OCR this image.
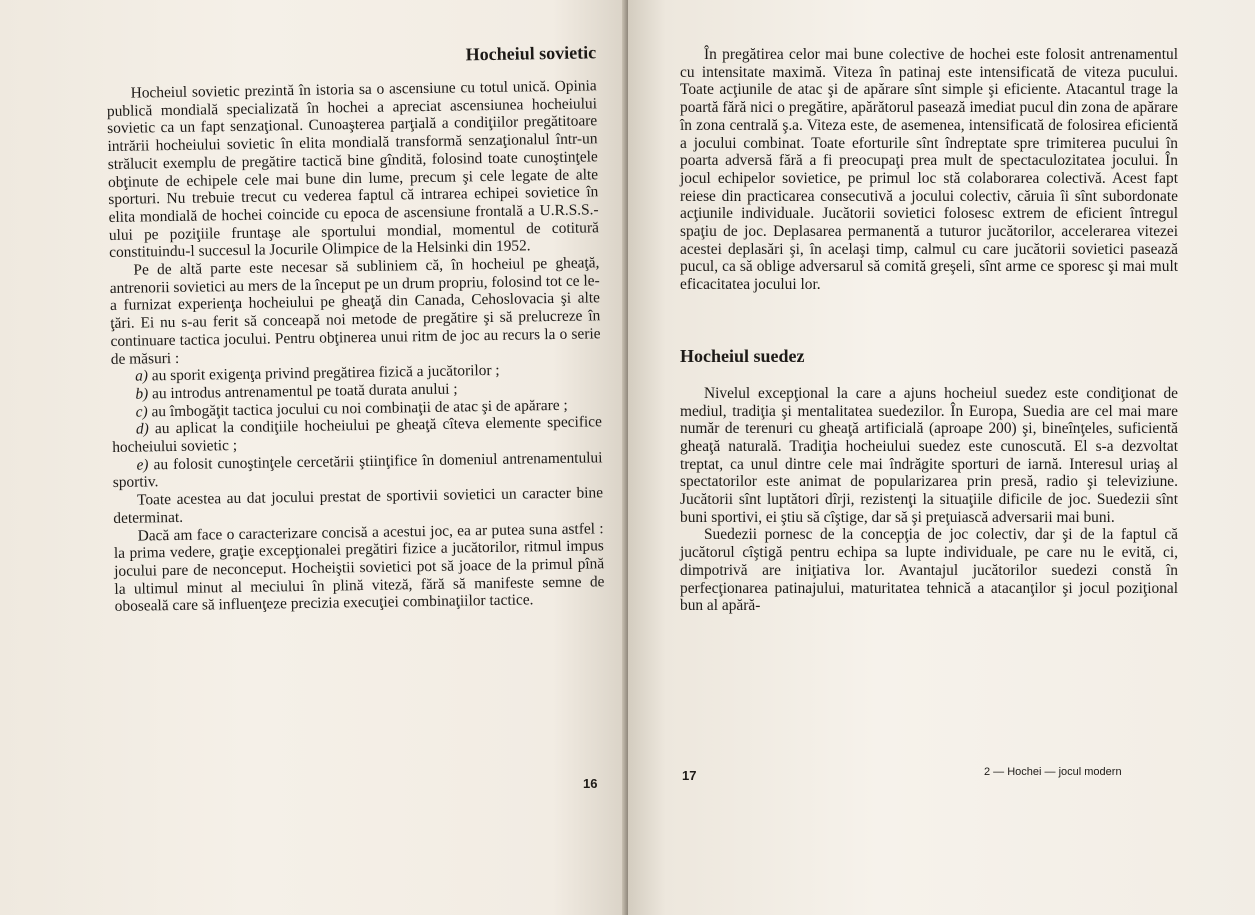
Hocheiul sovietic

Hocheiul sovietic prezintă în istoria sa o ascensiune cu totul unică. Opinia publică mondială specializată în hochei a apreciat ascensiunea hocheiului sovietic ca un fapt senzaţional. Cunoaşterea parţială a condiţiilor pregătitoare intrării hocheiului sovietic în elita mondială transformă senzaţionalul într-un strălucit exemplu de pregătire tactică bine gîndită, folosind toate cunoştinţele obţinute de echipele cele mai bune din lume, precum şi cele legate de alte sporturi. Nu trebuie trecut cu vederea faptul că intrarea echipei sovietice în elita mondială de hochei coincide cu epoca de ascensiune frontală a U.R.S.S.-ului pe poziţiile fruntaşe ale sportului mondial, momentul de cotitură constituindu-l succesul la Jocurile Olimpice de la Helsinki din 1952.

Pe de altă parte este necesar să subliniem că, în hocheiul pe gheaţă, antrenorii sovietici au mers de la început pe un drum propriu, folosind tot ce le-a furnizat experienţa hocheiului pe gheaţă din Canada, Cehoslovacia şi alte ţări. Ei nu s-au ferit să conceapă noi metode de pregătire şi să prelucreze în continuare tactica jocului. Pentru obţinerea unui ritm de joc au recurs la o serie de măsuri :

a) au sporit exigenţa privind pregătirea fizică a jucătorilor ;

b) au introdus antrenamentul pe toată durata anului ;

c) au îmbogăţit tactica jocului cu noi combinaţii de atac şi de apărare ;

d) au aplicat la condiţiile hocheiului pe gheaţă cîteva elemente specifice hocheiului sovietic ;

e) au folosit cunoştinţele cercetării ştiinţifice în domeniul antrenamentului sportiv.

Toate acestea au dat jocului prestat de sportivii sovietici un caracter bine determinat.

Dacă am face o caracterizare concisă a acestui joc, ea ar putea suna astfel : la prima vedere, graţie excepţionalei pregătiri fizice a jucătorilor, ritmul impus jocului pare de neconceput. Hocheiştii sovietici pot să joace de la primul pînă la ultimul minut al meciului în plină viteză, fără să manifeste semne de oboseală care să influenţeze precizia execuţiei combinaţiilor tactice.

16

În pregătirea celor mai bune colective de hochei este folosit antrenamentul cu intensitate maximă. Viteza în patinaj este intensificată de viteza pucului. Toate acţiunile de atac şi de apărare sînt simple şi eficiente. Atacantul trage la poartă fără nici o pregătire, apărătorul pasează imediat pucul din zona de apărare în zona centrală ş.a. Viteza este, de asemenea, intensificată de folosirea eficientă a jocului combinat. Toate eforturile sînt îndreptate spre trimiterea pucului în poarta adversă fără a fi preocupaţi prea mult de spectaculozitatea jocului. În jocul echipelor sovietice, pe primul loc stă colaborarea colectivă. Acest fapt reiese din practicarea consecutivă a jocului colectiv, căruia îi sînt subordonate acţiunile individuale. Jucătorii sovietici folosesc extrem de eficient întregul spaţiu de joc. Deplasarea permanentă a tuturor jucătorilor, accelerarea vitezei acestei deplasări şi, în acelaşi timp, calmul cu care jucătorii sovietici pasează pucul, ca să oblige adversarul să comită greşeli, sînt arme ce sporesc şi mai mult eficacitatea jocului lor.

Hocheiul suedez

Nivelul excepţional la care a ajuns hocheiul suedez este condiţionat de mediul, tradiţia şi mentalitatea suedezilor. În Europa, Suedia are cel mai mare număr de terenuri cu gheaţă artificială (aproape 200) şi, bineînţeles, suficientă gheaţă naturală. Tradiţia hocheiului suedez este cunoscută. El s-a dezvoltat treptat, ca unul dintre cele mai îndrăgite sporturi de iarnă. Interesul uriaş al spectatorilor este animat de popularizarea prin presă, radio şi televiziune. Jucătorii sînt luptători dîrji, rezistenţi la situaţiile dificile de joc. Suedezii sînt buni sportivi, ei ştiu să cîştige, dar să şi preţuiască adversarii mai buni.

Suedezii pornesc de la concepţia de joc colectiv, dar şi de la faptul că jucătorul cîştigă pentru echipa sa lupte individuale, pe care nu le evită, ci, dimpotrivă are iniţiativa lor. Avantajul jucătorilor suedezi constă în perfecţionarea patinajului, maturitatea tehnică a atacanţilor şi jocul poziţional bun al apără-

17	2 — Hochei — jocul modern
